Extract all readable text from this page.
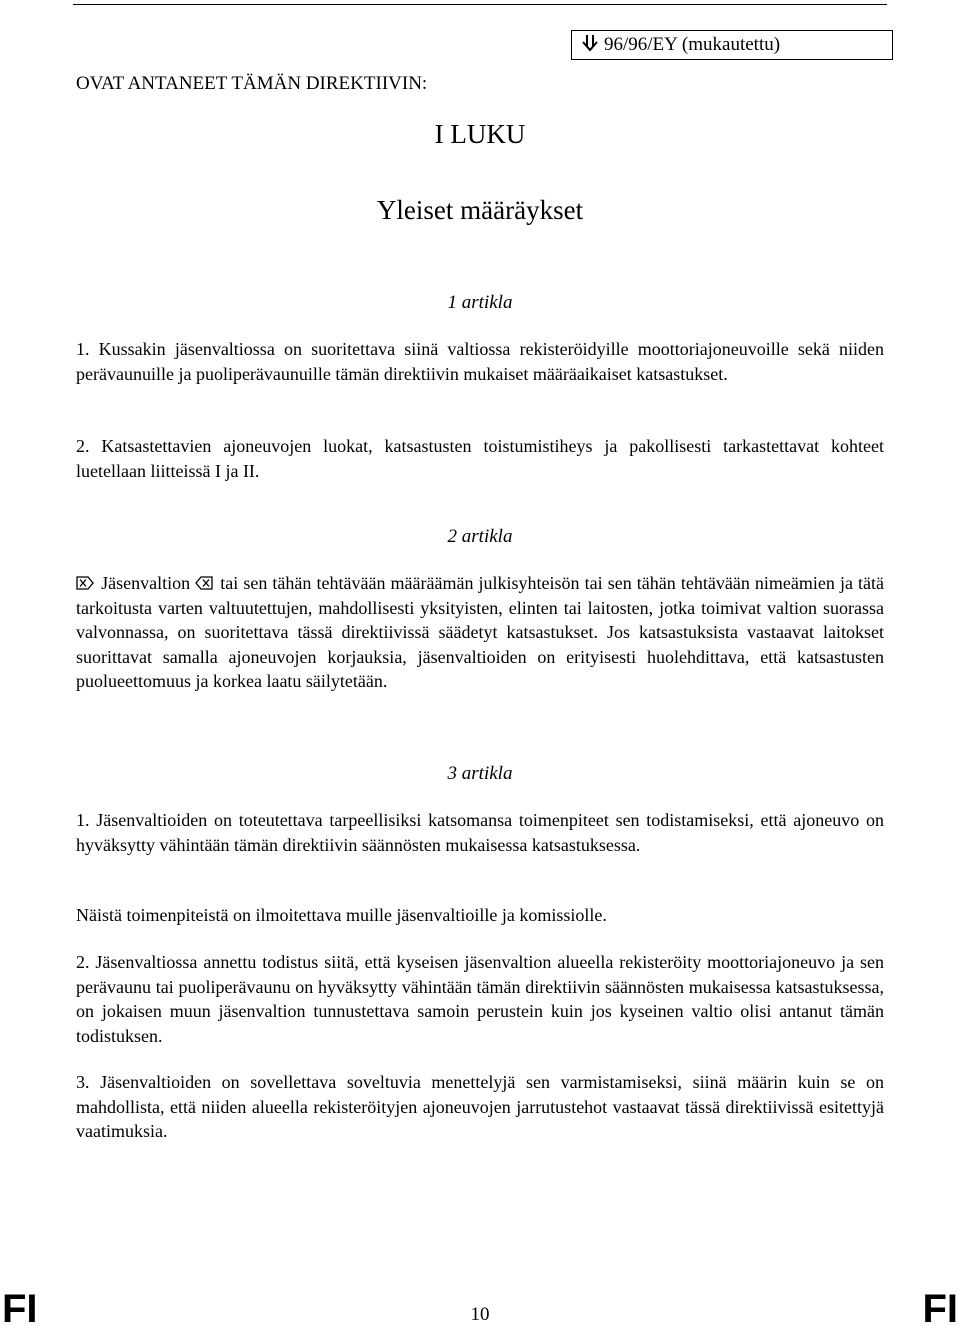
96/96/EY (mukautettu)
OVAT ANTANEET TÄMÄN DIREKTIIVIN:
I LUKU
Yleiset määräykset
1 artikla

1. Kussakin jäsenvaltiossa on suoritettava siinä valtiossa rekisteröidyille moottoriajoneuvoille sekä niiden perävaunuille ja puoliperävaunuille tämän direktiivin mukaiset määräaikaiset katsastukset.

2. Katsastettavien ajoneuvojen luokat, katsastusten toistumistiheys ja pakollisesti tarkastettavat kohteet luetellaan liitteissä I ja II.

2 artikla

Jäsenvaltion tai sen tähän tehtävään määräämän julkisyhteisön tai sen tähän tehtävään nimeämien ja tätä tarkoitusta varten valtuutettujen, mahdollisesti yksityisten, elinten tai laitosten, jotka toimivat valtion suorassa valvonnassa, on suoritettava tässä direktiivissä säädetyt katsastukset. Jos katsastuksista vastaavat laitokset suorittavat samalla ajoneuvojen korjauksia, jäsenvaltioiden on erityisesti huolehdittava, että katsastusten puolueettomuus ja korkea laatu säilytetään.

3 artikla

1. Jäsenvaltioiden on toteutettava tarpeellisiksi katsomansa toimenpiteet sen todistamiseksi, että ajoneuvo on hyväksytty vähintään tämän direktiivin säännösten mukaisessa katsastuksessa.

Näistä toimenpiteistä on ilmoitettava muille jäsenvaltioille ja komissiolle.

2. Jäsenvaltiossa annettu todistus siitä, että kyseisen jäsenvaltion alueella rekisteröity moottoriajoneuvo ja sen perävaunu tai puoliperävaunu on hyväksytty vähintään tämän direktiivin säännösten mukaisessa katsastuksessa, on jokaisen muun jäsenvaltion tunnustettava samoin perustein kuin jos kyseinen valtio olisi antanut tämän todistuksen.

3. Jäsenvaltioiden on sovellettava soveltuvia menettelyjä sen varmistamiseksi, siinä määrin kuin se on mahdollista, että niiden alueella rekisteröityjen ajoneuvojen jarrutustehot vastaavat tässä direktiivissä esitettyjä vaatimuksia.

FI	10	FI
